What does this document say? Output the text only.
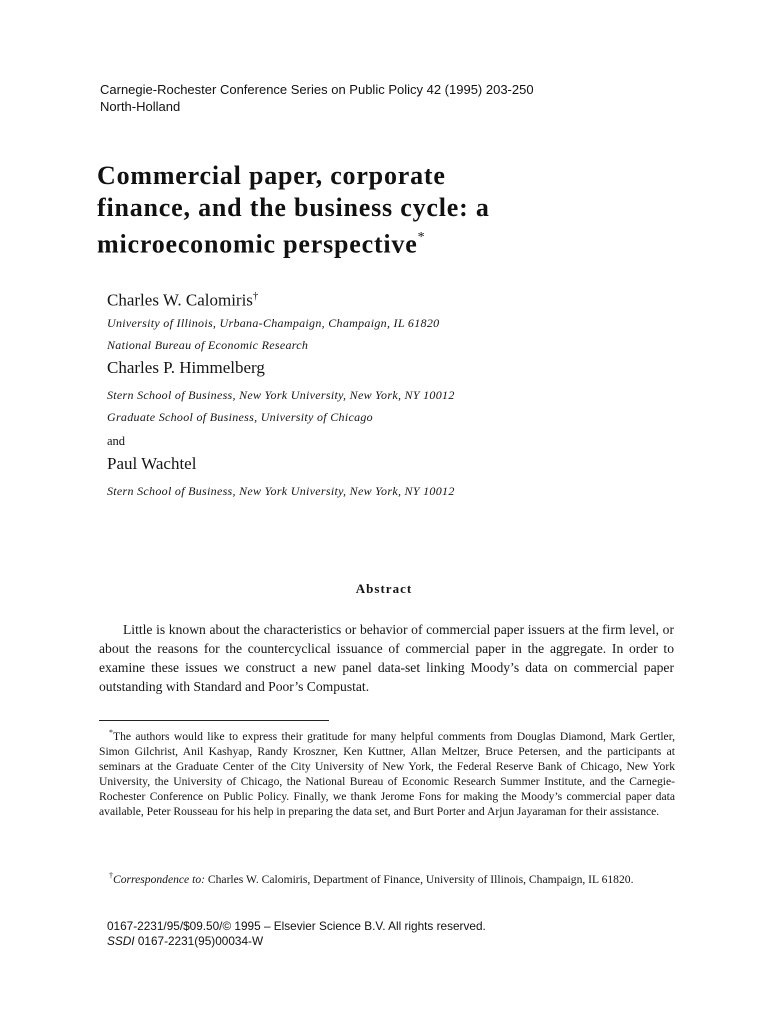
Carnegie-Rochester Conference Series on Public Policy 42 (1995) 203-250
North-Holland
Commercial paper, corporate
finance, and the business cycle: a
microeconomic perspective*
Charles W. Calomiris†
University of Illinois, Urbana-Champaign, Champaign, IL 61820
National Bureau of Economic Research
Charles P. Himmelberg
Stern School of Business, New York University, New York, NY 10012
Graduate School of Business, University of Chicago
and
Paul Wachtel
Stern School of Business, New York University, New York, NY 10012
Abstract

Little is known about the characteristics or behavior of commercial paper issuers at the firm level, or about the reasons for the countercyclical issuance of commercial paper in the aggregate. In order to examine these issues we construct a new panel data-set linking Moody’s data on commercial paper outstanding with Standard and Poor’s Compustat.

*The authors would like to express their gratitude for many helpful comments from Douglas Diamond, Mark Gertler, Simon Gilchrist, Anil Kashyap, Randy Kroszner, Ken Kuttner, Allan Meltzer, Bruce Petersen, and the participants at seminars at the Graduate Center of the City University of New York, the Federal Reserve Bank of Chicago, New York University, the University of Chicago, the National Bureau of Economic Research Summer Institute, and the Carnegie-Rochester Conference on Public Policy. Finally, we thank Jerome Fons for making the Moody’s commercial paper data available, Peter Rousseau for his help in preparing the data set, and Burt Porter and Arjun Jayaraman for their assistance.

†Correspondence to: Charles W. Calomiris, Department of Finance, University of Illinois, Champaign, IL 61820.

0167-2231/95/$09.50/© 1995 – Elsevier Science B.V. All rights reserved.
SSDI 0167-2231(95)00034-W
